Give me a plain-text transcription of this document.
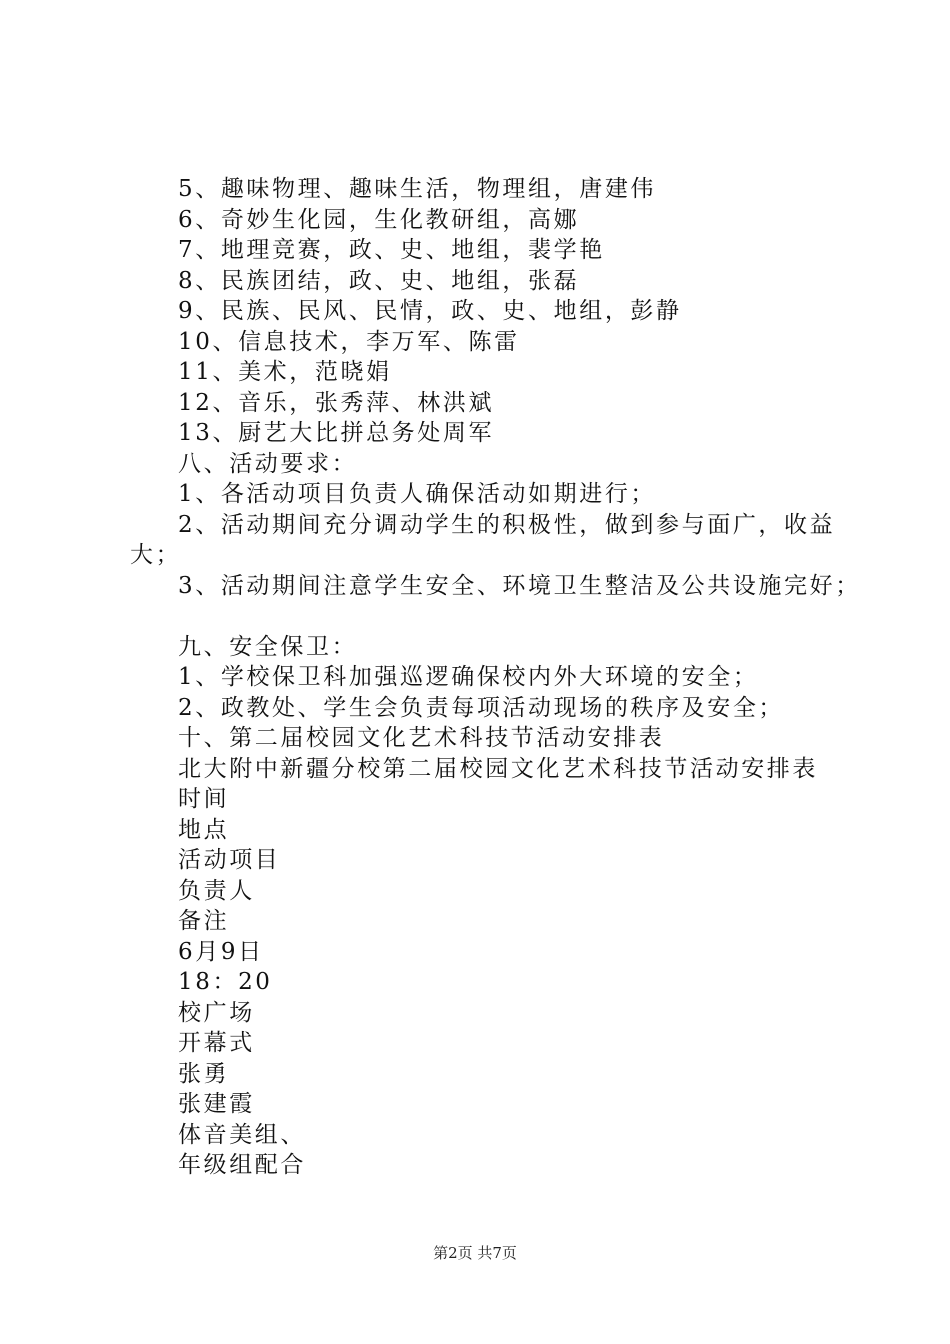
5、趣味物理、趣味生活，物理组，唐建伟
6、奇妙生化园，生化教研组，高娜
7、地理竞赛，政、史、地组，裴学艳
8、民族团结，政、史、地组，张磊
9、民族、民风、民情，政、史、地组，彭静
10、信息技术，李万军、陈雷
11、美术，范晓娟
12、音乐，张秀萍、林洪斌
13、厨艺大比拼总务处周军
八、活动要求：
1、各活动项目负责人确保活动如期进行；
2、活动期间充分调动学生的积极性，做到参与面广，收益
大；
3、活动期间注意学生安全、环境卫生整洁及公共设施完好；
九、安全保卫：
1、学校保卫科加强巡逻确保校内外大环境的安全；
2、政教处、学生会负责每项活动现场的秩序及安全；
十、第二届校园文化艺术科技节活动安排表
北大附中新疆分校第二届校园文化艺术科技节活动安排表
时间
地点
活动项目
负责人
备注
6月9日
18：20
校广场
开幕式
张勇
张建霞
体音美组、
年级组配合
第2页 共7页
